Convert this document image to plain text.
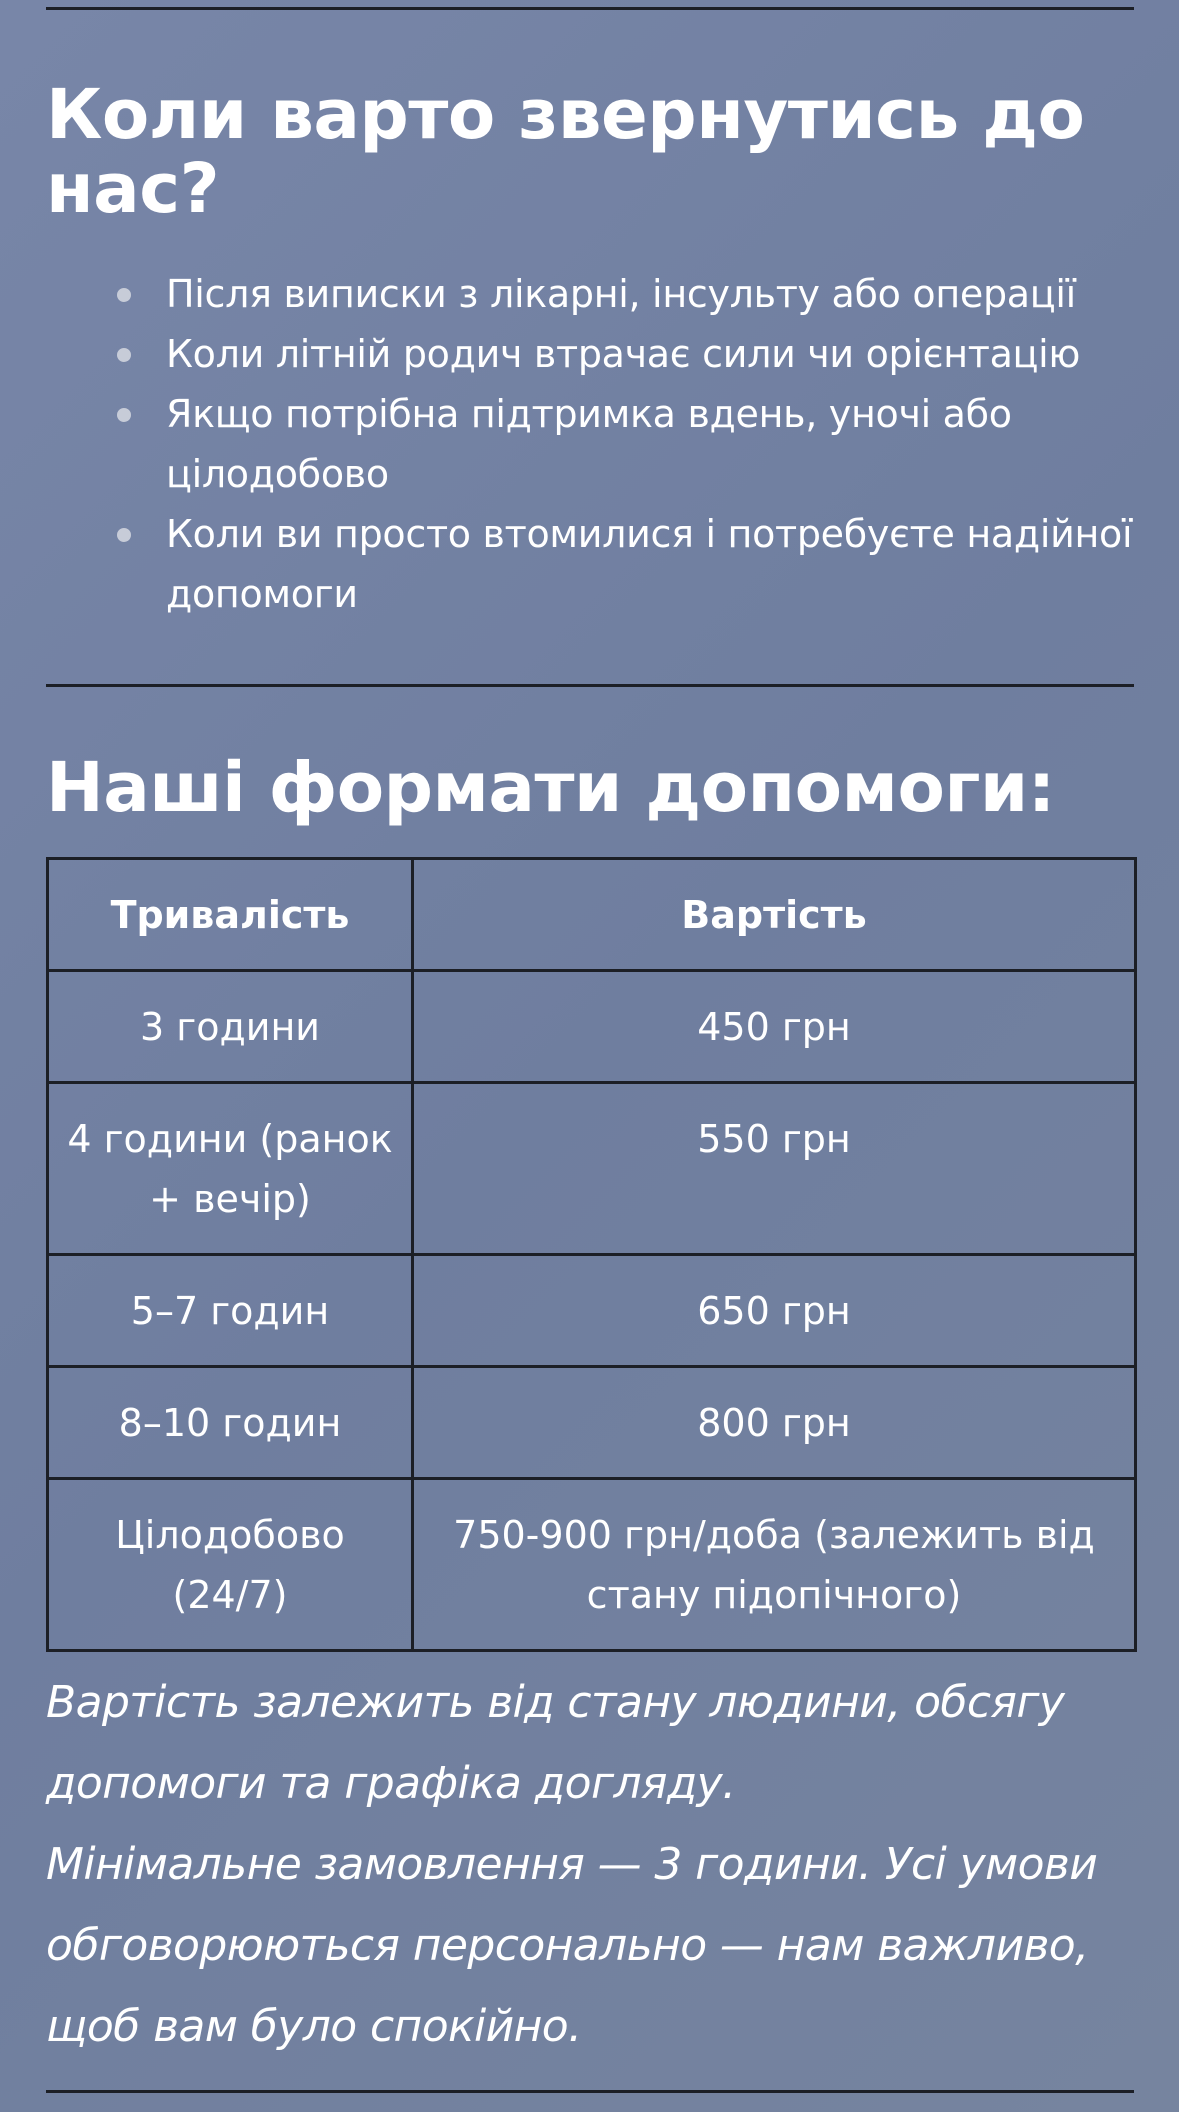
Коли варто звернутись до нас?
Після виписки з лікарні, інсульту або операції
Коли літній родич втрачає сили чи орієнтацію
Якщо потрібна підтримка вдень, уночі або цілодобово
Коли ви просто втомилися і потребуєте надійної допомоги
Наші формати допомоги:
Тривалість	Вартість
3 години	450 грн
4 години (ранок + вечір)	550 грн
5–7 годин	650 грн
8–10 годин	800 грн
Цілодобово (24/7)	750-900 грн/доба (залежить від стану підопічного)

Вартість залежить від стану людини, обсягу допомоги та графіка догляду.

Мінімальне замовлення — 3 години. Усі умови обговорюються персонально — нам важливо, щоб вам було спокійно.
